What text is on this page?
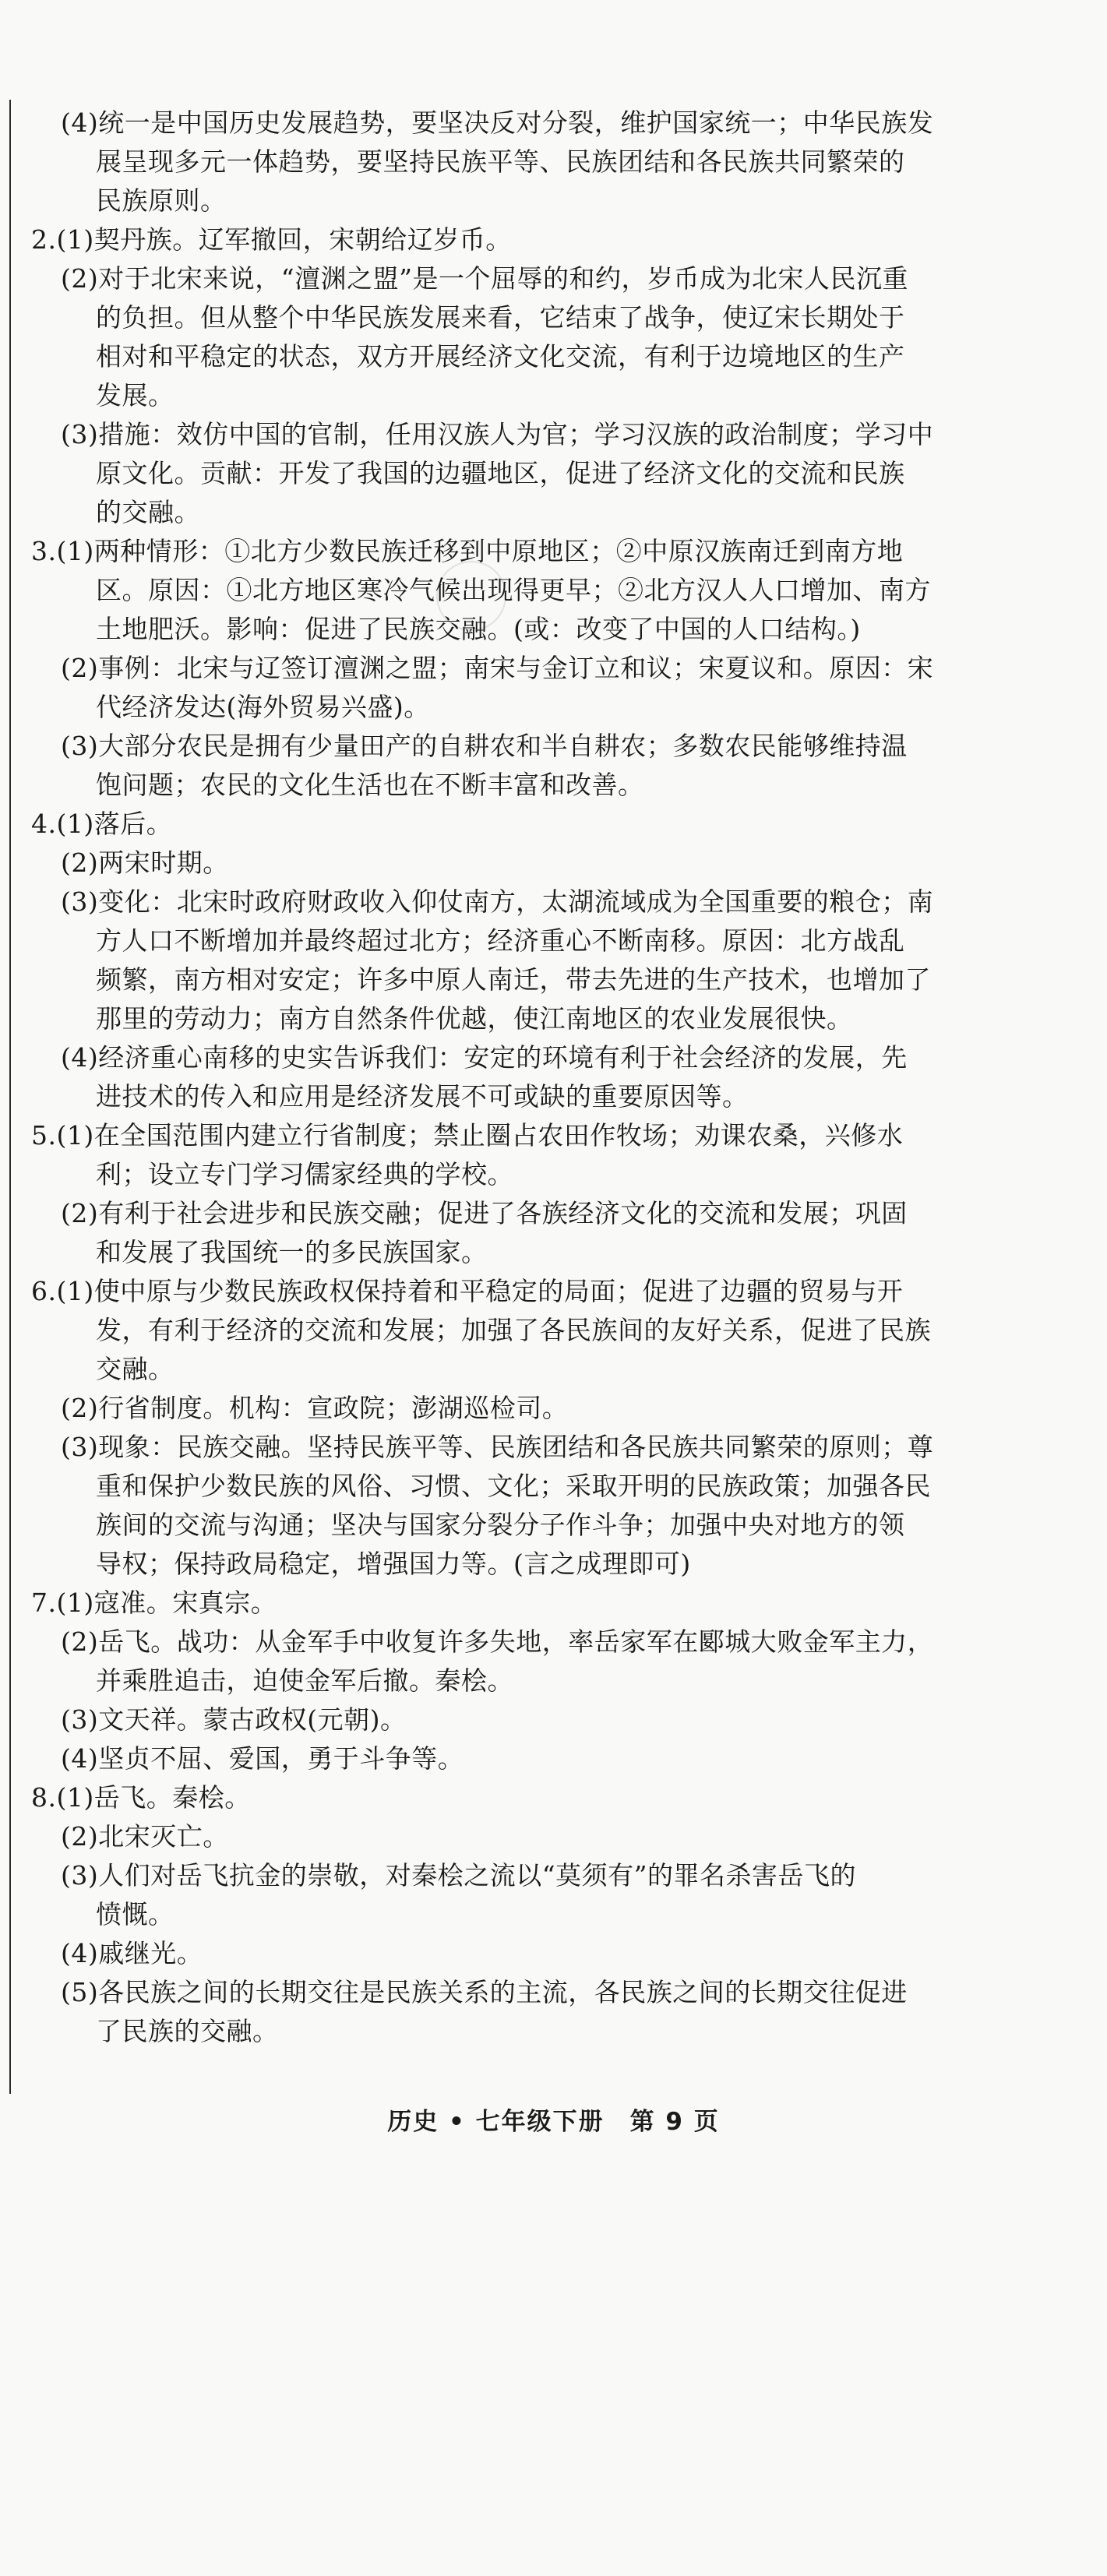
(4)统一是中国历史发展趋势，要坚决反对分裂，维护国家统一；中华民族发
展呈现多元一体趋势，要坚持民族平等、民族团结和各民族共同繁荣的
民族原则。
2.(1)契丹族。辽军撤回，宋朝给辽岁币。
(2)对于北宋来说，“澶渊之盟”是一个屈辱的和约，岁币成为北宋人民沉重
的负担。但从整个中华民族发展来看，它结束了战争，使辽宋长期处于
相对和平稳定的状态，双方开展经济文化交流，有利于边境地区的生产
发展。
(3)措施：效仿中国的官制，任用汉族人为官；学习汉族的政治制度；学习中
原文化。贡献：开发了我国的边疆地区，促进了经济文化的交流和民族
的交融。
3.(1)两种情形：①北方少数民族迁移到中原地区；②中原汉族南迁到南方地
区。原因：①北方地区寒冷气候出现得更早；②北方汉人人口增加、南方
土地肥沃。影响：促进了民族交融。(或：改变了中国的人口结构。)
(2)事例：北宋与辽签订澶渊之盟；南宋与金订立和议；宋夏议和。原因：宋
代经济发达(海外贸易兴盛)。
(3)大部分农民是拥有少量田产的自耕农和半自耕农；多数农民能够维持温
饱问题；农民的文化生活也在不断丰富和改善。
4.(1)落后。
(2)两宋时期。
(3)变化：北宋时政府财政收入仰仗南方，太湖流域成为全国重要的粮仓；南
方人口不断增加并最终超过北方；经济重心不断南移。原因：北方战乱
频繁，南方相对安定；许多中原人南迁，带去先进的生产技术，也增加了
那里的劳动力；南方自然条件优越，使江南地区的农业发展很快。
(4)经济重心南移的史实告诉我们：安定的环境有利于社会经济的发展，先
进技术的传入和应用是经济发展不可或缺的重要原因等。
5.(1)在全国范围内建立行省制度；禁止圈占农田作牧场；劝课农桑，兴修水
利；设立专门学习儒家经典的学校。
(2)有利于社会进步和民族交融；促进了各族经济文化的交流和发展；巩固
和发展了我国统一的多民族国家。
6.(1)使中原与少数民族政权保持着和平稳定的局面；促进了边疆的贸易与开
发，有利于经济的交流和发展；加强了各民族间的友好关系，促进了民族
交融。
(2)行省制度。机构：宣政院；澎湖巡检司。
(3)现象：民族交融。坚持民族平等、民族团结和各民族共同繁荣的原则；尊
重和保护少数民族的风俗、习惯、文化；采取开明的民族政策；加强各民
族间的交流与沟通；坚决与国家分裂分子作斗争；加强中央对地方的领
导权；保持政局稳定，增强国力等。(言之成理即可)
7.(1)寇准。宋真宗。
(2)岳飞。战功：从金军手中收复许多失地，率岳家军在郾城大败金军主力，
并乘胜追击，迫使金军后撤。秦桧。
(3)文天祥。蒙古政权(元朝)。
(4)坚贞不屈、爱国，勇于斗争等。
8.(1)岳飞。秦桧。
(2)北宋灭亡。
(3)人们对岳飞抗金的崇敬，对秦桧之流以“莫须有”的罪名杀害岳飞的
愤慨。
(4)戚继光。
(5)各民族之间的长期交往是民族关系的主流，各民族之间的长期交往促进
了民族的交融。
历史 • 七年级下册　第 9 页
